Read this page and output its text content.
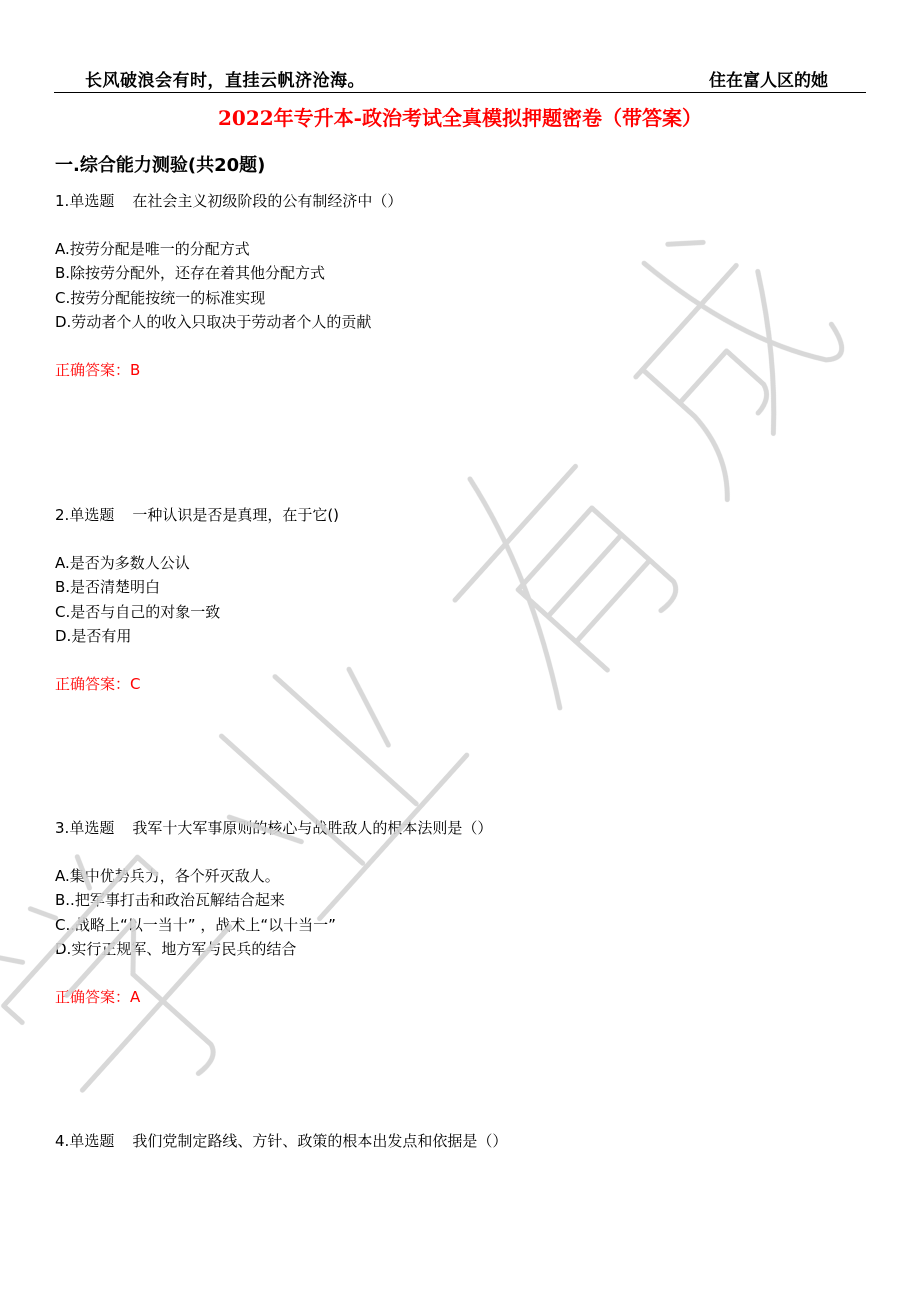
长风破浪会有时，直挂云帆济沧海。	住在富人区的她
2022年专升本-政治考试全真模拟押题密卷（带答案）
一.综合能力测验(共20题)
1.单选题 在社会主义初级阶段的公有制经济中（）
A.按劳分配是唯一的分配方式
B.除按劳分配外，还存在着其他分配方式
C.按劳分配能按统一的标准实现
D.劳动者个人的收入只取决于劳动者个人的贡献
正确答案：B
2.单选题 一种认识是否是真理，在于它()
A.是否为多数人公认
B.是否清楚明白
C.是否与自己的对象一致
D.是否有用
正确答案：C
3.单选题 我军十大军事原则的核心与战胜敌人的根本法则是（）
A.集中优势兵力，各个歼灭敌人。
B..把军事打击和政治瓦解结合起来
C..战略上“以一当十” ，战术上“以十当一”
D.实行正规军、地方军与民兵的结合
正确答案：A
4.单选题 我们党制定路线、方针、政策的根本出发点和依据是（）
